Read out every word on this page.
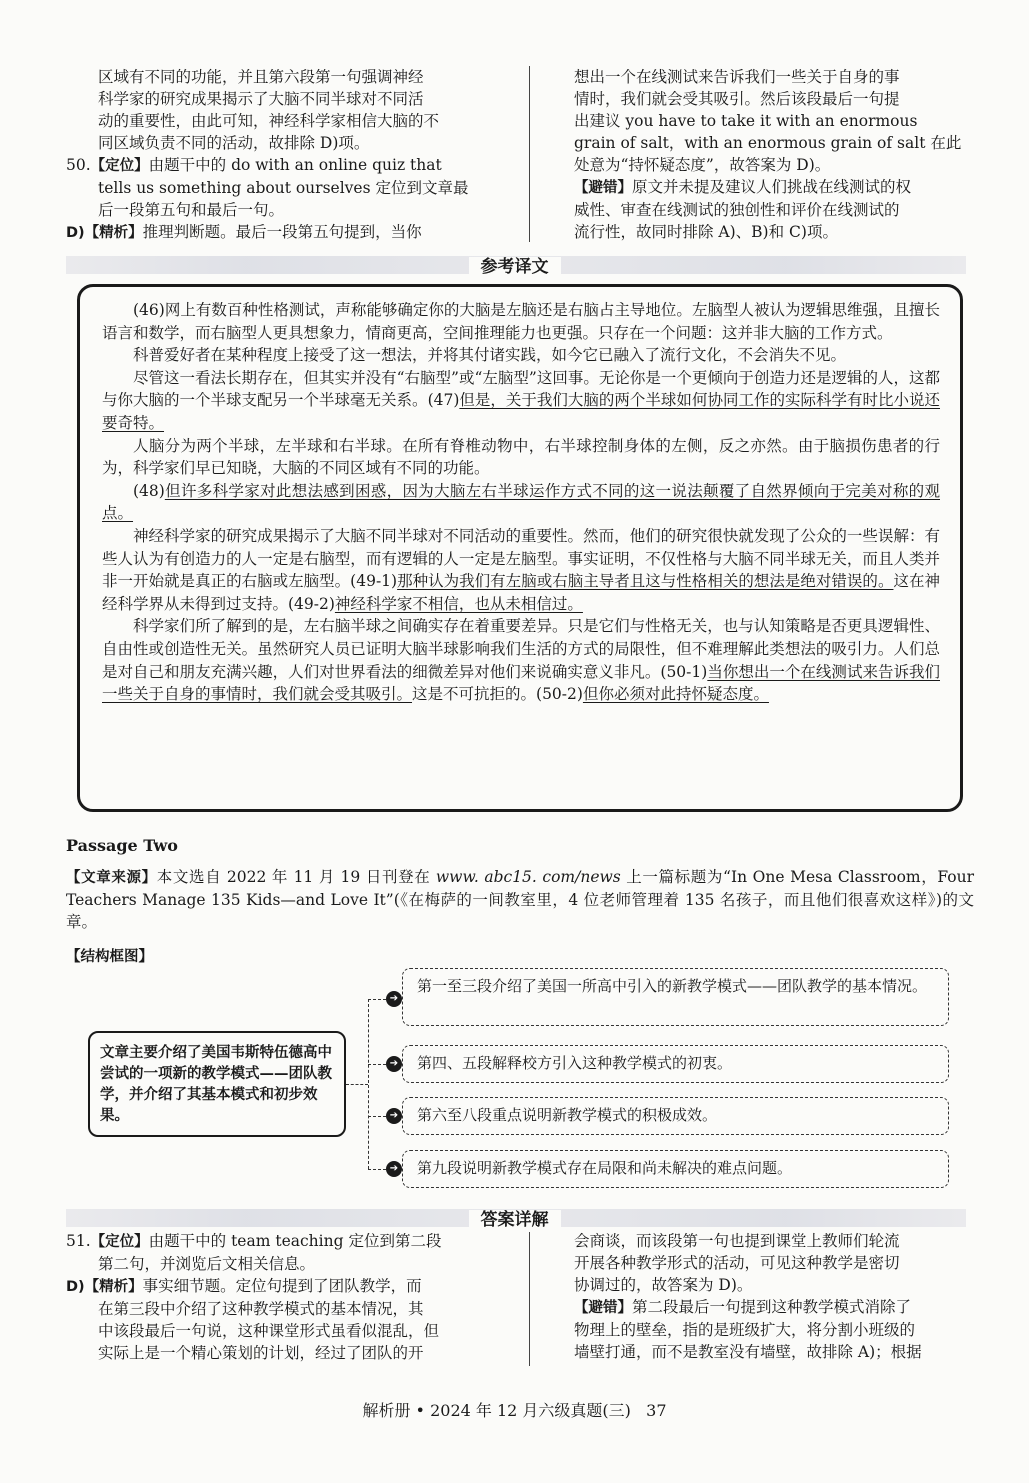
区域有不同的功能，并且第六段第一句强调神经

科学家的研究成果揭示了大脑不同半球对不同活

动的重要性，由此可知，神经科学家相信大脑的不

同区域负责不同的活动，故排除 D)项。

50.【定位】由题干中的 do with an online quiz that

tells us something about ourselves 定位到文章最

后一段第五句和最后一句。

D)【精析】推理判断题。最后一段第五句提到，当你

想出一个在线测试来告诉我们一些关于自身的事

情时，我们就会受其吸引。然后该段最后一句提

出建议 you have to take it with an enormous

grain of salt，with an enormous grain of salt 在此

处意为“持怀疑态度”，故答案为 D)。

【避错】原文并未提及建议人们挑战在线测试的权

威性、审查在线测试的独创性和评价在线测试的

流行性，故同时排除 A)、B)和 C)项。

参考译文

(46)网上有数百种性格测试，声称能够确定你的大脑是左脑还是右脑占主导地位。左脑型人被认为逻辑思维强，且擅长语言和数学，而右脑型人更具想象力，情商更高，空间推理能力也更强。只存在一个问题：这并非大脑的工作方式。

科普爱好者在某种程度上接受了这一想法，并将其付诸实践，如今它已融入了流行文化，不会消失不见。

尽管这一看法长期存在，但其实并没有“右脑型”或“左脑型”这回事。无论你是一个更倾向于创造力还是逻辑的人，这都与你大脑的一个半球支配另一个半球毫无关系。(47)但是，关于我们大脑的两个半球如何协同工作的实际科学有时比小说还要奇特。

人脑分为两个半球，左半球和右半球。在所有脊椎动物中，右半球控制身体的左侧，反之亦然。由于脑损伤患者的行为，科学家们早已知晓，大脑的不同区域有不同的功能。

(48)但许多科学家对此想法感到困惑，因为大脑左右半球运作方式不同的这一说法颠覆了自然界倾向于完美对称的观点。

神经科学家的研究成果揭示了大脑不同半球对不同活动的重要性。然而，他们的研究很快就发现了公众的一些误解：有些人认为有创造力的人一定是右脑型，而有逻辑的人一定是左脑型。事实证明，不仅性格与大脑不同半球无关，而且人类并非一开始就是真正的右脑或左脑型。(49-1)那种认为我们有左脑或右脑主导者且这与性格相关的想法是绝对错误的。这在神经科学界从未得到过支持。(49-2)神经科学家不相信，也从未相信过。

科学家们所了解到的是，左右脑半球之间确实存在着重要差异。只是它们与性格无关，也与认知策略是否更具逻辑性、自由性或创造性无关。虽然研究人员已证明大脑半球影响我们生活的方式的局限性，但不难理解此类想法的吸引力。人们总是对自己和朋友充满兴趣，人们对世界看法的细微差异对他们来说确实意义非凡。(50-1)当你想出一个在线测试来告诉我们一些关于自身的事情时，我们就会受其吸引。这是不可抗拒的。(50-2)但你必须对此持怀疑态度。

Passage Two
【文章来源】本文选自 2022 年 11 月 19 日刊登在 www. abc15. com/news 上一篇标题为“In One Mesa Classroom，Four Teachers Manage 135 Kids—and Love It”(《在梅萨的一间教室里，4 位老师管理着 135 名孩子，而且他们很喜欢这样》)的文章。
【结构框图】
文章主要介绍了美国韦斯特伍德高中尝试的一项新的教学模式——团队教学，并介绍了其基本模式和初步效果。
➔
➔
➔
➔
第一至三段介绍了美国一所高中引入的新教学模式——团队教学的基本情况。
第四、五段解释校方引入这种教学模式的初衷。
第六至八段重点说明新教学模式的积极成效。
第九段说明新教学模式存在局限和尚未解决的难点问题。
答案详解

51.【定位】由题干中的 team teaching 定位到第二段

第二句，并浏览后文相关信息。

D)【精析】事实细节题。定位句提到了团队教学，而

在第三段中介绍了这种教学模式的基本情况，其

中该段最后一句说，这种课堂形式虽看似混乱，但

实际上是一个精心策划的计划，经过了团队的开

会商谈，而该段第一句也提到课堂上教师们轮流

开展各种教学形式的活动，可见这种教学是密切

协调过的，故答案为 D)。

【避错】第二段最后一句提到这种教学模式消除了

物理上的壁垒，指的是班级扩大，将分割小班级的

墙壁打通，而不是教室没有墙壁，故排除 A)；根据

解析册 • 2024 年 12 月六级真题(三) 37
